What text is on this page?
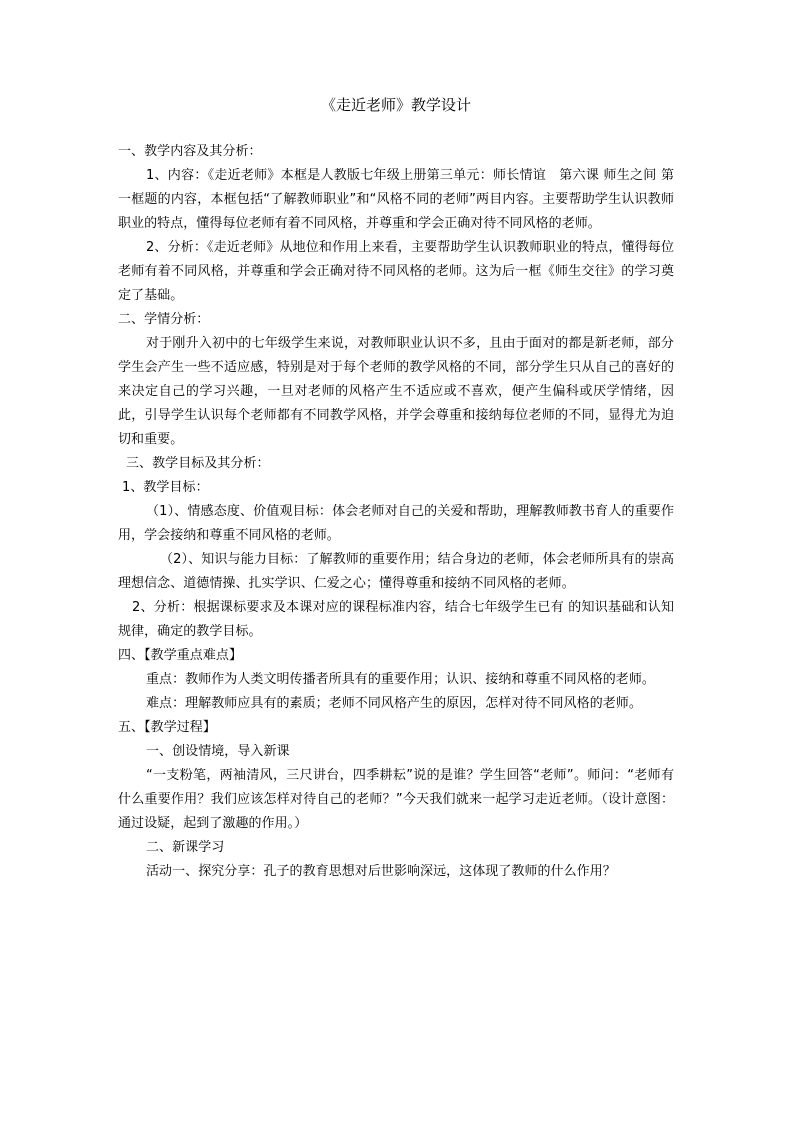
《走近老师》教学设计

一、教学内容及其分析：

1、内容：《走近老师》本框是人教版七年级上册第三单元：师长情谊　第六课 师生之间 第一框题的内容，本框包括“了解教师职业”和“风格不同的老师”两目内容。主要帮助学生认识教师职业的特点，懂得每位老师有着不同风格，并尊重和学会正确对待不同风格的老师。

2、分析：《走近老师》从地位和作用上来看，主要帮助学生认识教师职业的特点，懂得每位老师有着不同风格，并尊重和学会正确对待不同风格的老师。这为后一框《师生交往》的学习奠定了基础。

二、学情分析：

对于刚升入初中的七年级学生来说，对教师职业认识不多，且由于面对的都是新老师，部分学生会产生一些不适应感，特别是对于每个老师的教学风格的不同，部分学生只从自己的喜好的来决定自己的学习兴趣，一旦对老师的风格产生不适应或不喜欢，便产生偏科或厌学情绪，因此，引导学生认识每个老师都有不同教学风格，并学会尊重和接纳每位老师的不同，显得尤为迫切和重要。

三、教学目标及其分析：

1、教学目标：

（1）、情感态度、价值观目标：体会老师对自己的关爱和帮助，理解教师教书育人的重要作用，学会接纳和尊重不同风格的老师。

（2）、知识与能力目标：了解教师的重要作用；结合身边的老师，体会老师所具有的崇高理想信念、道德情操、扎实学识、仁爱之心；懂得尊重和接纳不同风格的老师。

2、分析：根据课标要求及本课对应的课程标准内容，结合七年级学生已有 的知识基础和认知规律，确定的教学目标。

四、【教学重点难点】

重点：教师作为人类文明传播者所具有的重要作用；认识、接纳和尊重不同风格的老师。

难点：理解教师应具有的素质；老师不同风格产生的原因，怎样对待不同风格的老师。

五、【教学过程】

一、创设情境，导入新课

“一支粉笔，两袖清风，三尺讲台，四季耕耘”说的是谁？学生回答“老师”。师问：“老师有什么重要作用？我们应该怎样对待自己的老师？”今天我们就来一起学习走近老师。（设计意图：通过设疑，起到了激趣的作用。）

二、新课学习

活动一、探究分享：孔子的教育思想对后世影响深远，这体现了教师的什么作用？
